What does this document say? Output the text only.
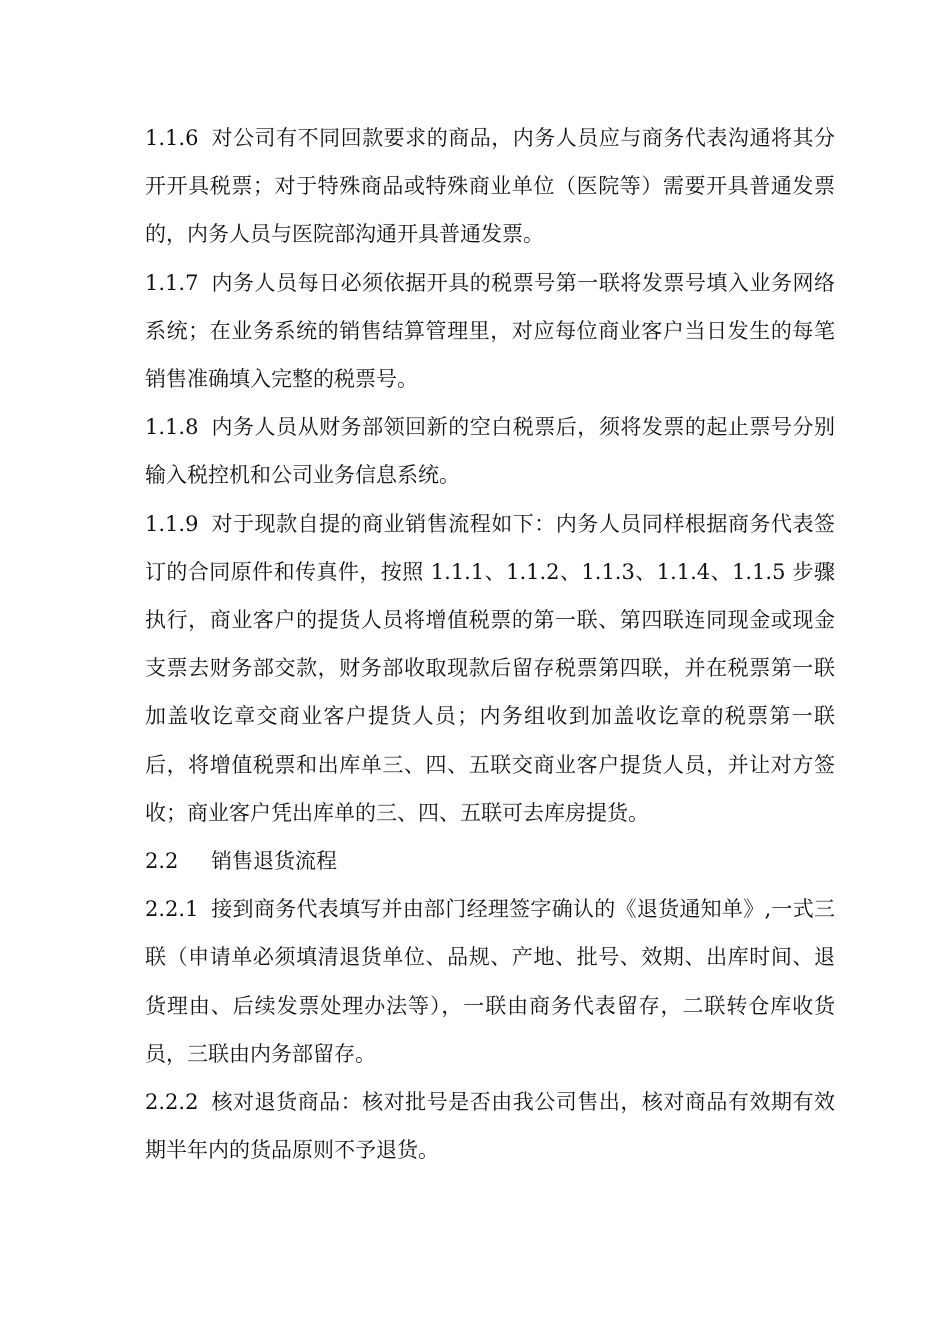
1.1.6 对公司有不同回款要求的商品，内务人员应与商务代表沟通将其分开开具税票；对于特殊商品或特殊商业单位（医院等）需要开具普通发票的，内务人员与医院部沟通开具普通发票。

1.1.7 内务人员每日必须依据开具的税票号第一联将发票号填入业务网络系统；在业务系统的销售结算管理里，对应每位商业客户当日发生的每笔销售准确填入完整的税票号。

1.1.8 内务人员从财务部领回新的空白税票后，须将发票的起止票号分别输入税控机和公司业务信息系统。

1.1.9 对于现款自提的商业销售流程如下：内务人员同样根据商务代表签订的合同原件和传真件，按照 1.1.1、1.1.2、1.1.3、1.1.4、1.1.5 步骤执行，商业客户的提货人员将增值税票的第一联、第四联连同现金或现金支票去财务部交款，财务部收取现款后留存税票第四联，并在税票第一联加盖收讫章交商业客户提货人员；内务组收到加盖收讫章的税票第一联后，将增值税票和出库单三、四、五联交商业客户提货人员，并让对方签收；商业客户凭出库单的三、四、五联可去库房提货。

2.2 销售退货流程

2.2.1 接到商务代表填写并由部门经理签字确认的《退货通知单》,一式三联（申请单必须填清退货单位、品规、产地、批号、效期、出库时间、退货理由、后续发票处理办法等），一联由商务代表留存，二联转仓库收货员，三联由内务部留存。

2.2.2 核对退货商品：核对批号是否由我公司售出，核对商品有效期有效期半年内的货品原则不予退货。
